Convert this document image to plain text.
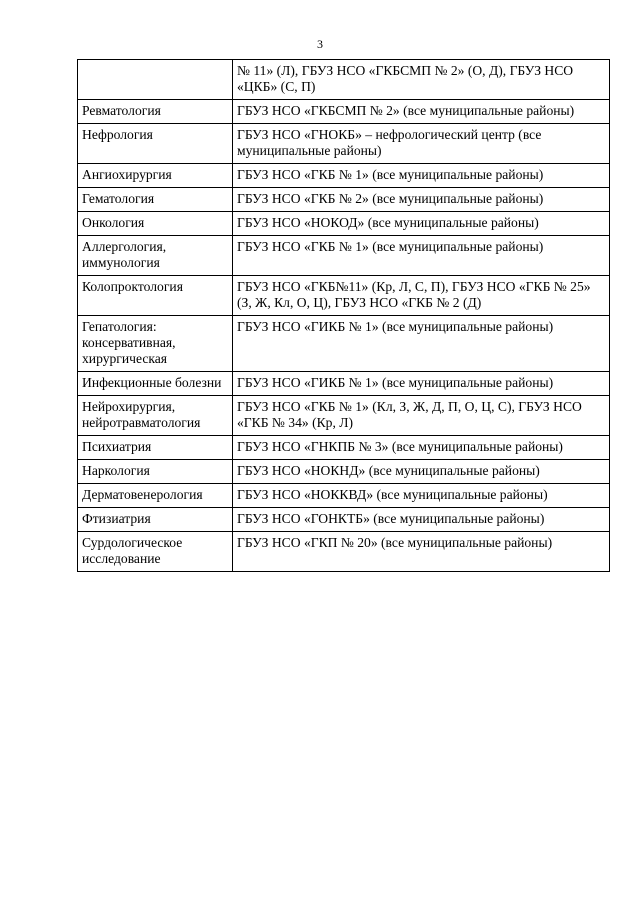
3
	№ 11» (Л), ГБУЗ НСО «ГКБСМП № 2» (О, Д), ГБУЗ НСО «ЦКБ» (С, П)
Ревматология	ГБУЗ НСО «ГКБСМП № 2» (все муниципальные районы)
Нефрология	ГБУЗ НСО «ГНОКБ» – нефрологический центр (все муниципальные районы)
Ангиохирургия	ГБУЗ НСО «ГКБ № 1» (все муниципальные районы)
Гематология	ГБУЗ НСО «ГКБ № 2» (все муниципальные районы)
Онкология	ГБУЗ НСО «НОКОД» (все муниципальные районы)
Аллергология, иммунология	ГБУЗ НСО «ГКБ № 1» (все муниципальные районы)
Колопроктология	ГБУЗ НСО «ГКБ№11» (Кр, Л, С, П), ГБУЗ НСО «ГКБ № 25» (З, Ж, Кл, О, Ц), ГБУЗ НСО «ГКБ № 2 (Д)
Гепатология: консервативная, хирургическая	ГБУЗ НСО «ГИКБ № 1» (все муниципальные районы)
Инфекционные болезни	ГБУЗ НСО «ГИКБ № 1» (все муниципальные районы)
Нейрохирургия, нейротравматология	ГБУЗ НСО «ГКБ № 1» (Кл, З, Ж, Д, П, О, Ц, С), ГБУЗ НСО «ГКБ № 34» (Кр, Л)
Психиатрия	ГБУЗ НСО «ГНКПБ № 3» (все муниципальные районы)
Наркология	ГБУЗ НСО «НОКНД» (все муниципальные районы)
Дерматовенерология	ГБУЗ НСО «НОККВД» (все муниципальные районы)
Фтизиатрия	ГБУЗ НСО «ГОНКТБ» (все муниципальные районы)
Сурдологическое исследование	ГБУЗ НСО «ГКП № 20» (все муниципальные районы)
